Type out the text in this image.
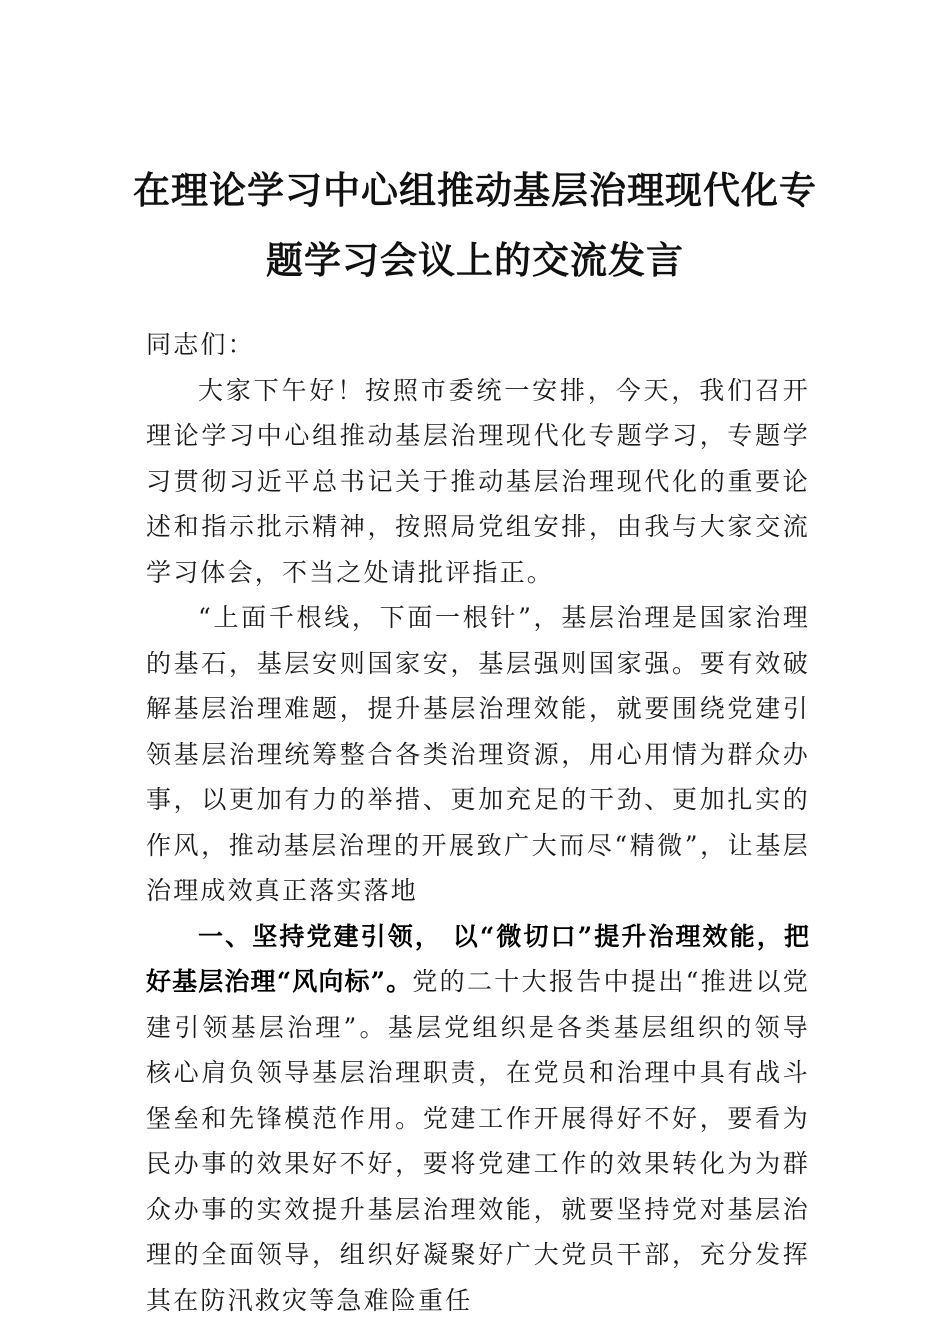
在理论学习中心组推动基层治理现代化专
题学习会议上的交流发言

同志们：

大家下午好！按照市委统一安排，今天，我们召开理论学习中心组推动基层治理现代化专题学习，专题学习贯彻习近平总书记关于推动基层治理现代化的重要论述和指示批示精神，按照局党组安排，由我与大家交流学习体会，不当之处请批评指正。

“上面千根线，下面一根针”，基层治理是国家治理的基石，基层安则国家安，基层强则国家强。要有效破解基层治理难题，提升基层治理效能，就要围绕党建引领基层治理统筹整合各类治理资源，用心用情为群众办事，以更加有力的举措、更加充足的干劲、更加扎实的作风，推动基层治理的开展致广大而尽“精微”，让基层治理成效真正落实落地

一、坚持党建引领， 以“微切口”提升治理效能，把好基层治理“风向标”。党的二十大报告中提出“推进以党建引领基层治理”。基层党组织是各类基层组织的领导核心肩负领导基层治理职责，在党员和治理中具有战斗堡垒和先锋模范作用。党建工作开展得好不好，要看为民办事的效果好不好，要将党建工作的效果转化为为群众办事的实效提升基层治理效能，就要坚持党对基层治理的全面领导，组织好凝聚好广大党员干部，充分发挥其在防汛救灾等急难险重任
